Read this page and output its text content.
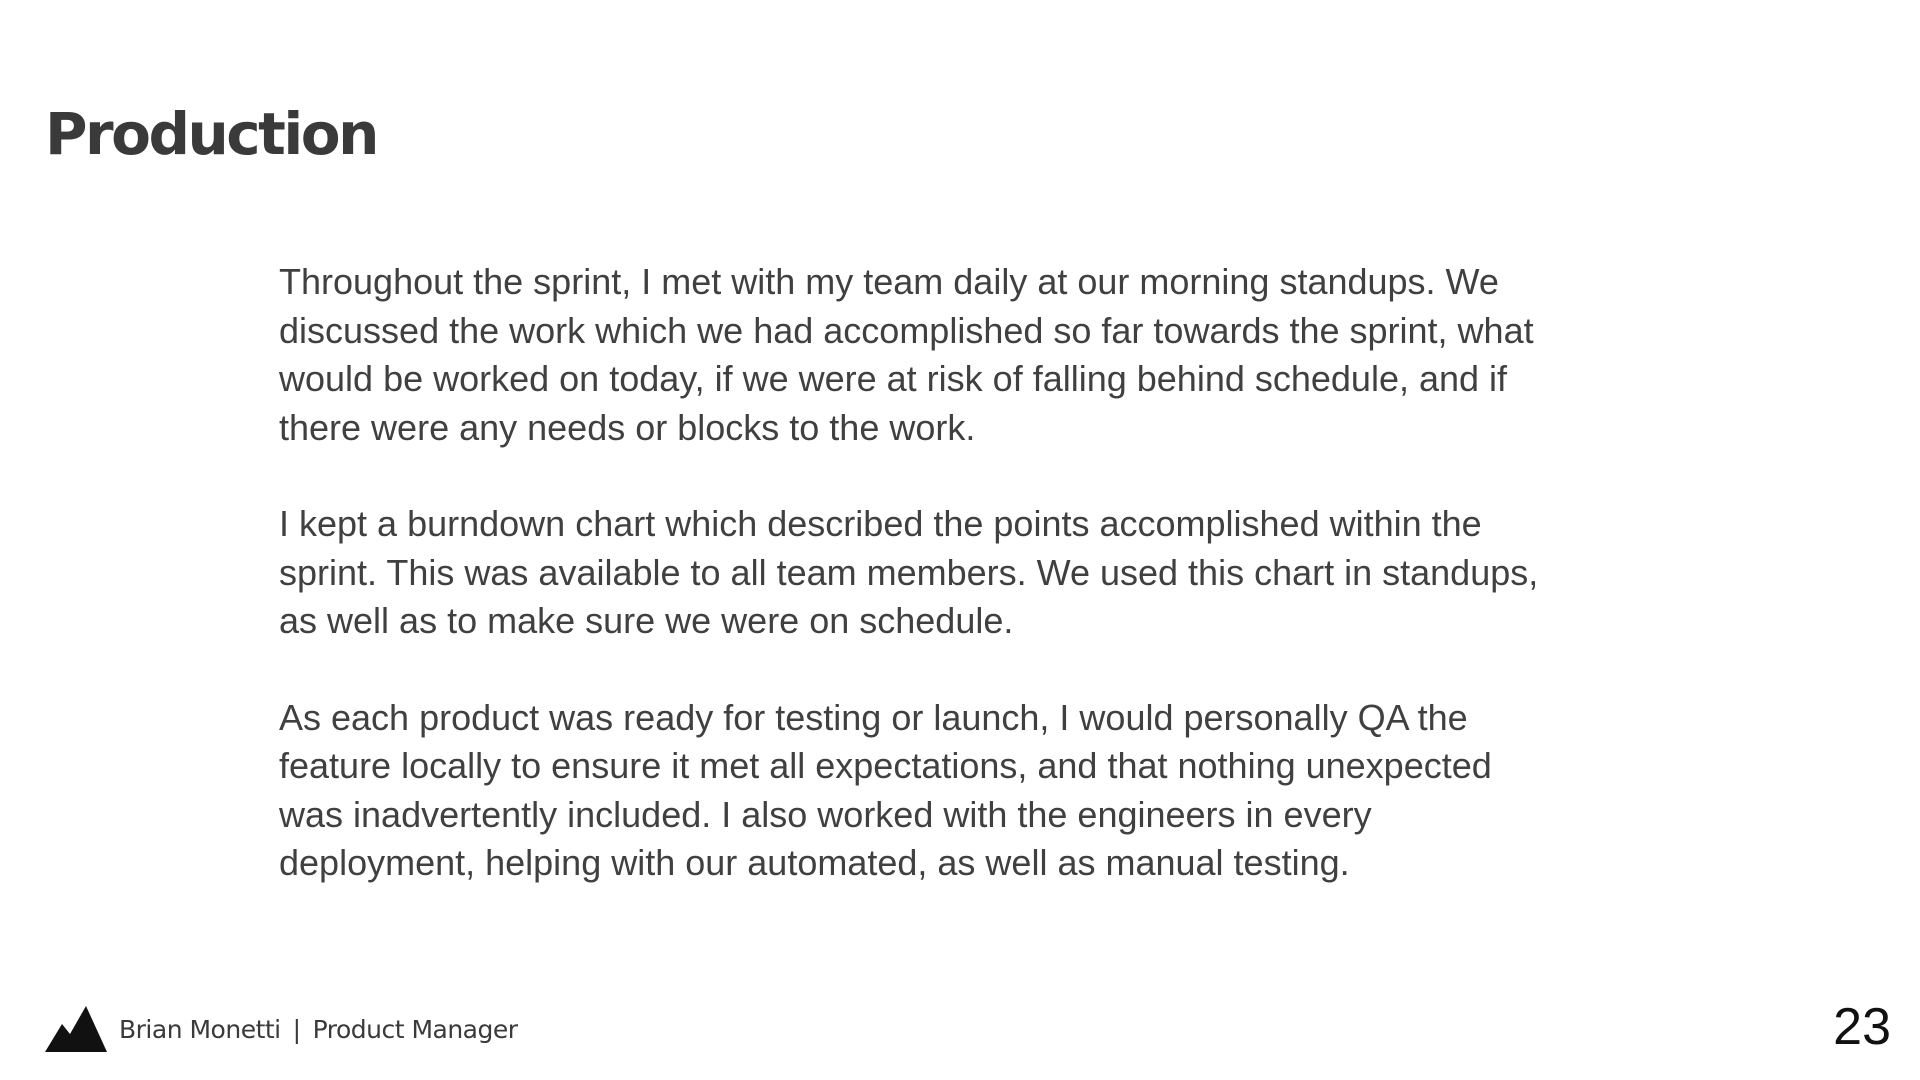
Production

Throughout the sprint, I met with my team daily at our morning standups. We
discussed the work which we had accomplished so far towards the sprint, what
would be worked on today, if we were at risk of falling behind schedule, and if
there were any needs or blocks to the work.

I kept a burndown chart which described the points accomplished within the
sprint. This was available to all team members. We used this chart in standups,
as well as to make sure we were on schedule.

As each product was ready for testing or launch, I would personally QA the
feature locally to ensure it met all expectations, and that nothing unexpected
was inadvertently included. I also worked with the engineers in every
deployment, helping with our automated, as well as manual testing.

Brian Monetti | Product Manager	23
